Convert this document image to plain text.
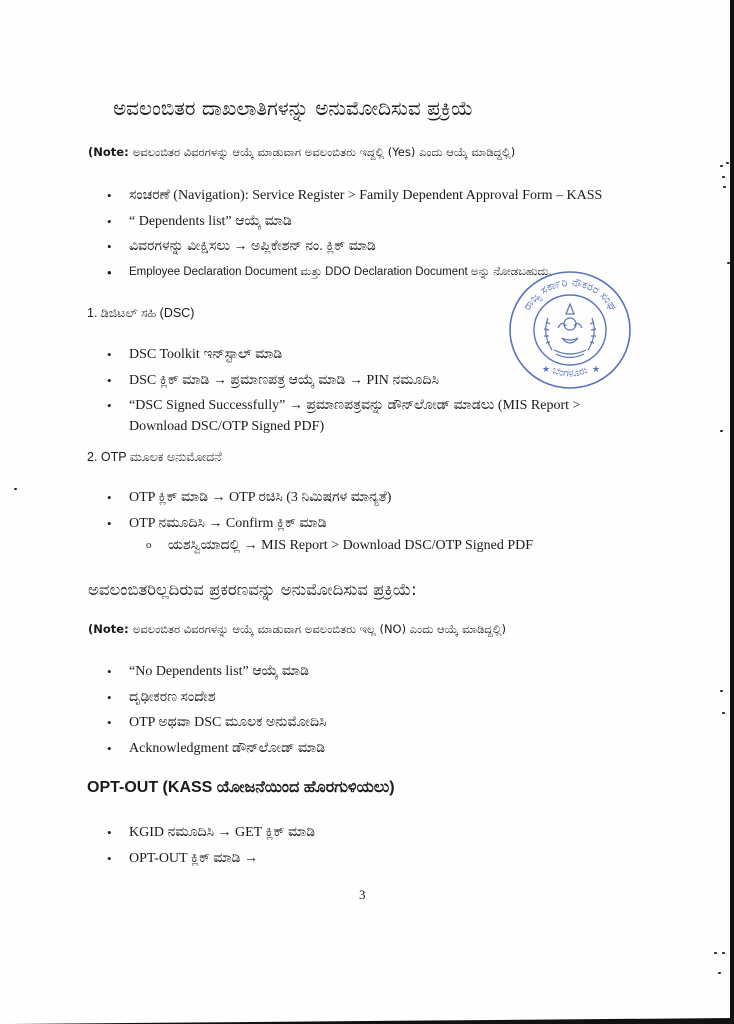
ಅವಲಂಬಿತರ ದಾಖಲಾತಿಗಳನ್ನು ಅನುಮೋದಿಸುವ ಪ್ರಕ್ರಿಯೆ
(Note: ಅವಲಂಬಿತರ ವಿವರಗಳನ್ನು ಆಯ್ಕೆ ಮಾಡುವಾಗ ಅವಲಂಬಿತರು ಇದ್ದಲ್ಲಿ (Yes) ಎಂದು ಆಯ್ಕೆ ಮಾಡಿದ್ದಲ್ಲಿ)
• ಸಂಚರಣೆ (Navigation): Service Register > Family Dependent Approval Form – KASS
• “ Dependents list” ಆಯ್ಕೆ ಮಾಡಿ
• ವಿವರಗಳನ್ನು ವೀಕ್ಷಿಸಲು → ಅಪ್ಲಿಕೇಶನ್ ನಂ. ಕ್ಲಿಕ್ ಮಾಡಿ
• Employee Declaration Document ಮತ್ತು DDO Declaration Document ಅನ್ನು ನೋಡಬಹುದು.
1. ಡಿಜಿಟಲ್ ಸಹಿ (DSC)
• DSC Toolkit ಇನ್‌ಸ್ಟಾಲ್ ಮಾಡಿ
• DSC ಕ್ಲಿಕ್ ಮಾಡಿ → ಪ್ರಮಾಣಪತ್ರ ಆಯ್ಕೆ ಮಾಡಿ → PIN ನಮೂದಿಸಿ
• “DSC Signed Successfully” → ಪ್ರಮಾಣಪತ್ರವನ್ನು ಡೌನ್‌ಲೋಡ್ ಮಾಡಲು (MIS Report > Download DSC/OTP Signed PDF)
2. OTP ಮೂಲಕ ಅನುಮೋದನೆ
• OTP ಕ್ಲಿಕ್ ಮಾಡಿ → OTP ರಚಿಸಿ (3 ನಿಮಿಷಗಳ ಮಾನ್ಯತೆ)
• OTP ನಮೂದಿಸಿ → Confirm ಕ್ಲಿಕ್ ಮಾಡಿ
o ಯಶಸ್ವಿಯಾದಲ್ಲಿ → MIS Report > Download DSC/OTP Signed PDF
ಅವಲಂಬಿತರಿಲ್ಲದಿರುವ ಪ್ರಕರಣವನ್ನು ಅನುಮೋದಿಸುವ ಪ್ರಕ್ರಿಯೆ:
(Note: ಅವಲಂಬಿತರ ವಿವರಗಳನ್ನು ಆಯ್ಕೆ ಮಾಡುವಾಗ ಅವಲಂಬಿತರು ಇಲ್ಲ (NO) ಎಂದು ಆಯ್ಕೆ ಮಾಡಿದ್ದಲ್ಲಿ)
• “No Dependents list” ಆಯ್ಕೆ ಮಾಡಿ
• ದೃಢೀಕರಣ ಸಂದೇಶ
• OTP ಅಥವಾ DSC ಮೂಲಕ ಅನುಮೋದಿಸಿ
• Acknowledgment ಡೌನ್‌ಲೋಡ್ ಮಾಡಿ
OPT-OUT (KASS ಯೋಜನೆಯಿಂದ ಹೊರಗುಳಿಯಲು)
• KGID ನಮೂದಿಸಿ → GET ಕ್ಲಿಕ್ ಮಾಡಿ
• OPT-OUT ಕ್ಲಿಕ್ ಮಾಡಿ →
3
ರಾಜ್ಯ ಸರ್ಕಾರಿ ನೌಕರರ ಸಂಘ
ಬೆಂಗಳೂರು
★	★
